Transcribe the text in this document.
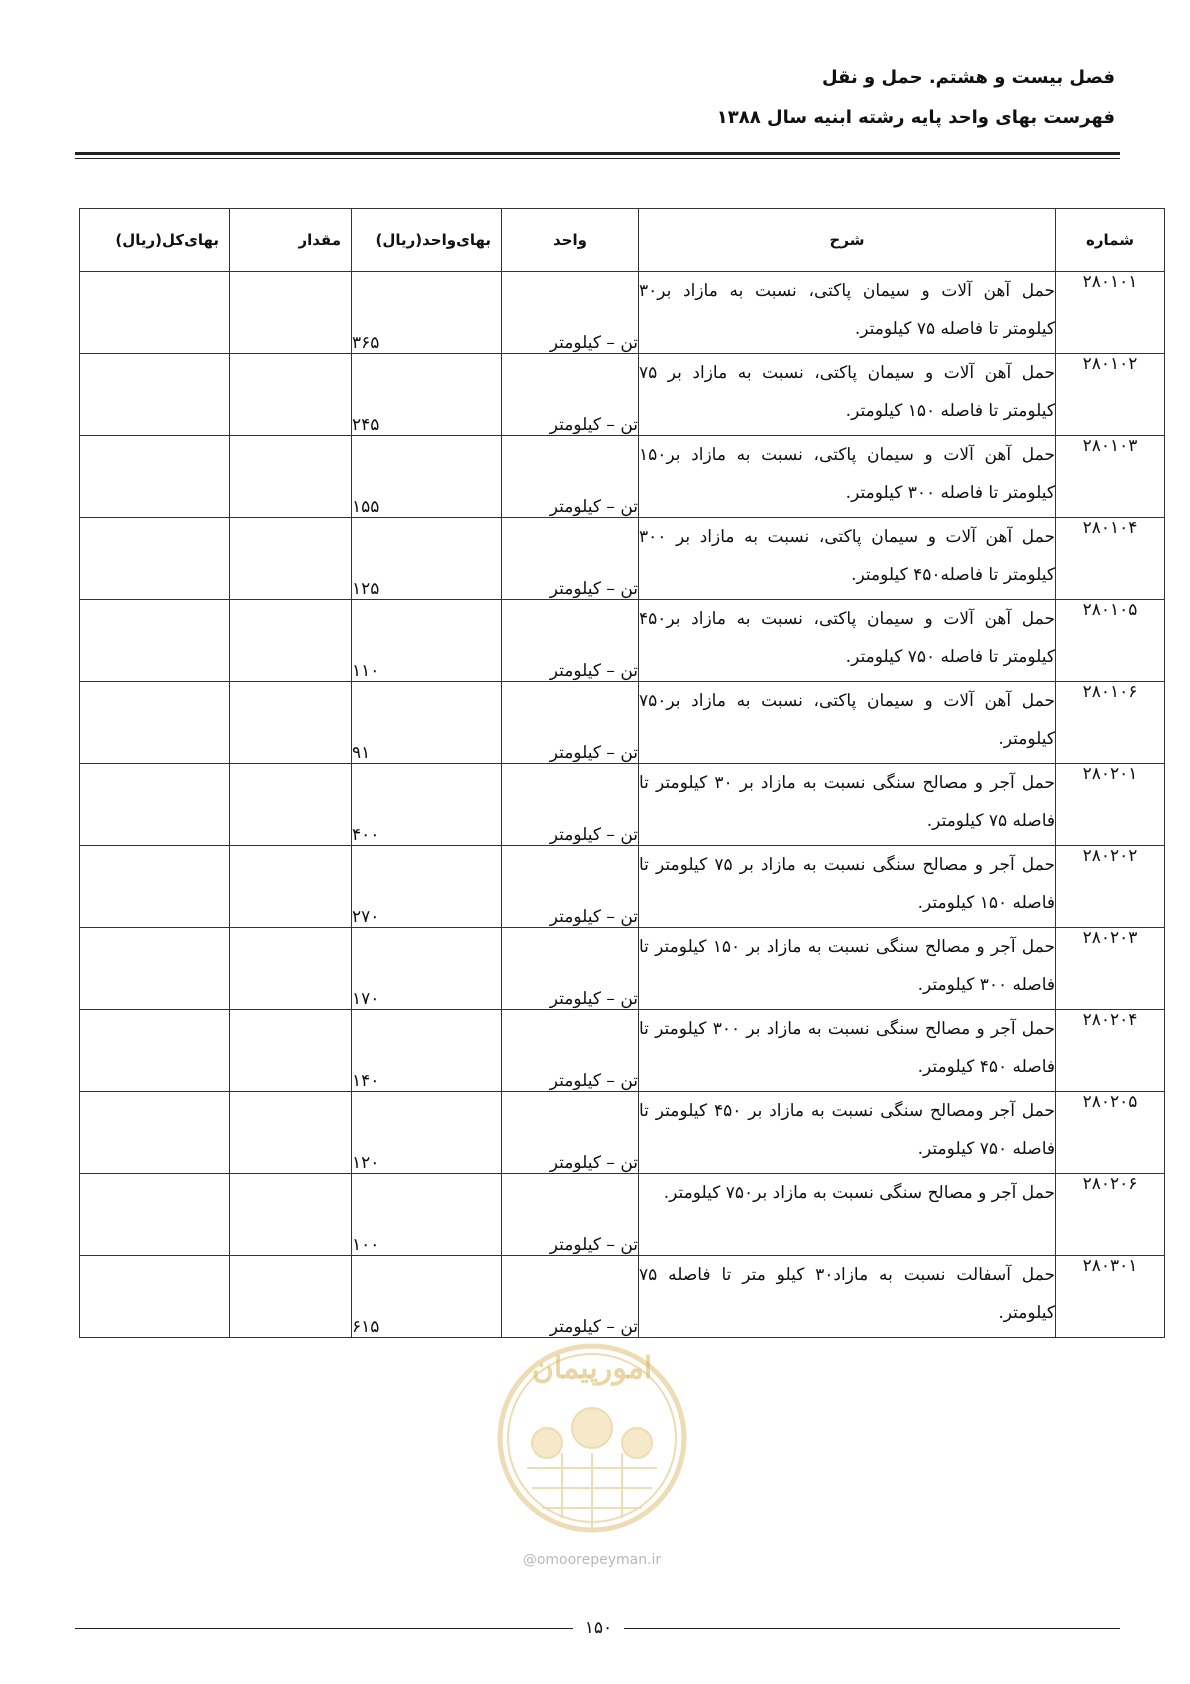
فصل بیست و هشتم. حمل و نقل
فهرست بهای واحد پایه رشته ابنیه سال ۱۳۸۸
شماره	شرح	واحد	بهای‌واحد(ریال)	مقدار	بهای‌کل(ریال)
۲۸۰۱۰۱	حمل آهن آلات و سیمان پاکتی، نسبت به مازاد بر۳۰ کیلومتر تا فاصله ۷۵ کیلومتر.	تن – کیلومتر	۳۶۵		
۲۸۰۱۰۲	حمل آهن آلات و سیمان پاکتی، نسبت به مازاد بر ۷۵ کیلومتر تا فاصله ۱۵۰ کیلومتر.	تن – کیلومتر	۲۴۵		
۲۸۰۱۰۳	حمل آهن آلات و سیمان پاکتی، نسبت به مازاد بر۱۵۰ کیلومتر تا فاصله ۳۰۰ کیلومتر.	تن – کیلومتر	۱۵۵		
۲۸۰۱۰۴	حمل آهن آلات و سیمان پاکتی، نسبت به مازاد بر ۳۰۰ کیلومتر تا فاصله۴۵۰ کیلومتر.	تن – کیلومتر	۱۲۵		
۲۸۰۱۰۵	حمل آهن آلات و سیمان پاکتی، نسبت به مازاد بر۴۵۰ کیلومتر تا فاصله ۷۵۰ کیلومتر.	تن – کیلومتر	۱۱۰		
۲۸۰۱۰۶	حمل آهن آلات و سیمان پاکتی، نسبت به مازاد بر۷۵۰ کیلومتر.	تن – کیلومتر	۹۱		
۲۸۰۲۰۱	حمل آجر و مصالح سنگی نسبت به مازاد بر ۳۰ کیلومتر تا فاصله ۷۵ کیلومتر.	تن – کیلومتر	۴۰۰		
۲۸۰۲۰۲	حمل آجر و مصالح سنگی نسبت به مازاد بر ۷۵ کیلومتر تا فاصله ۱۵۰ کیلومتر.	تن – کیلومتر	۲۷۰		
۲۸۰۲۰۳	حمل آجر و مصالح سنگی نسبت به مازاد بر ۱۵۰ کیلومتر تا فاصله ۳۰۰ کیلومتر.	تن – کیلومتر	۱۷۰		
۲۸۰۲۰۴	حمل آجر و مصالح سنگی نسبت به مازاد بر ۳۰۰ کیلومتر تا فاصله ۴۵۰ کیلومتر.	تن – کیلومتر	۱۴۰		
۲۸۰۲۰۵	حمل آجر ومصالح سنگی نسبت به مازاد بر ۴۵۰ کیلومتر تا فاصله ۷۵۰ کیلومتر.	تن – کیلومتر	۱۲۰		
۲۸۰۲۰۶	حمل آجر و مصالح سنگی نسبت به مازاد بر۷۵۰ کیلومتر.	تن – کیلومتر	۱۰۰		
۲۸۰۳۰۱	حمل آسفالت نسبت به مازاد۳۰ کیلو متر تا فاصله ۷۵ کیلومتر.	تن – کیلومتر	۶۱۵		
امورپیمان
@omoorepeyman.ir
۱۵۰
